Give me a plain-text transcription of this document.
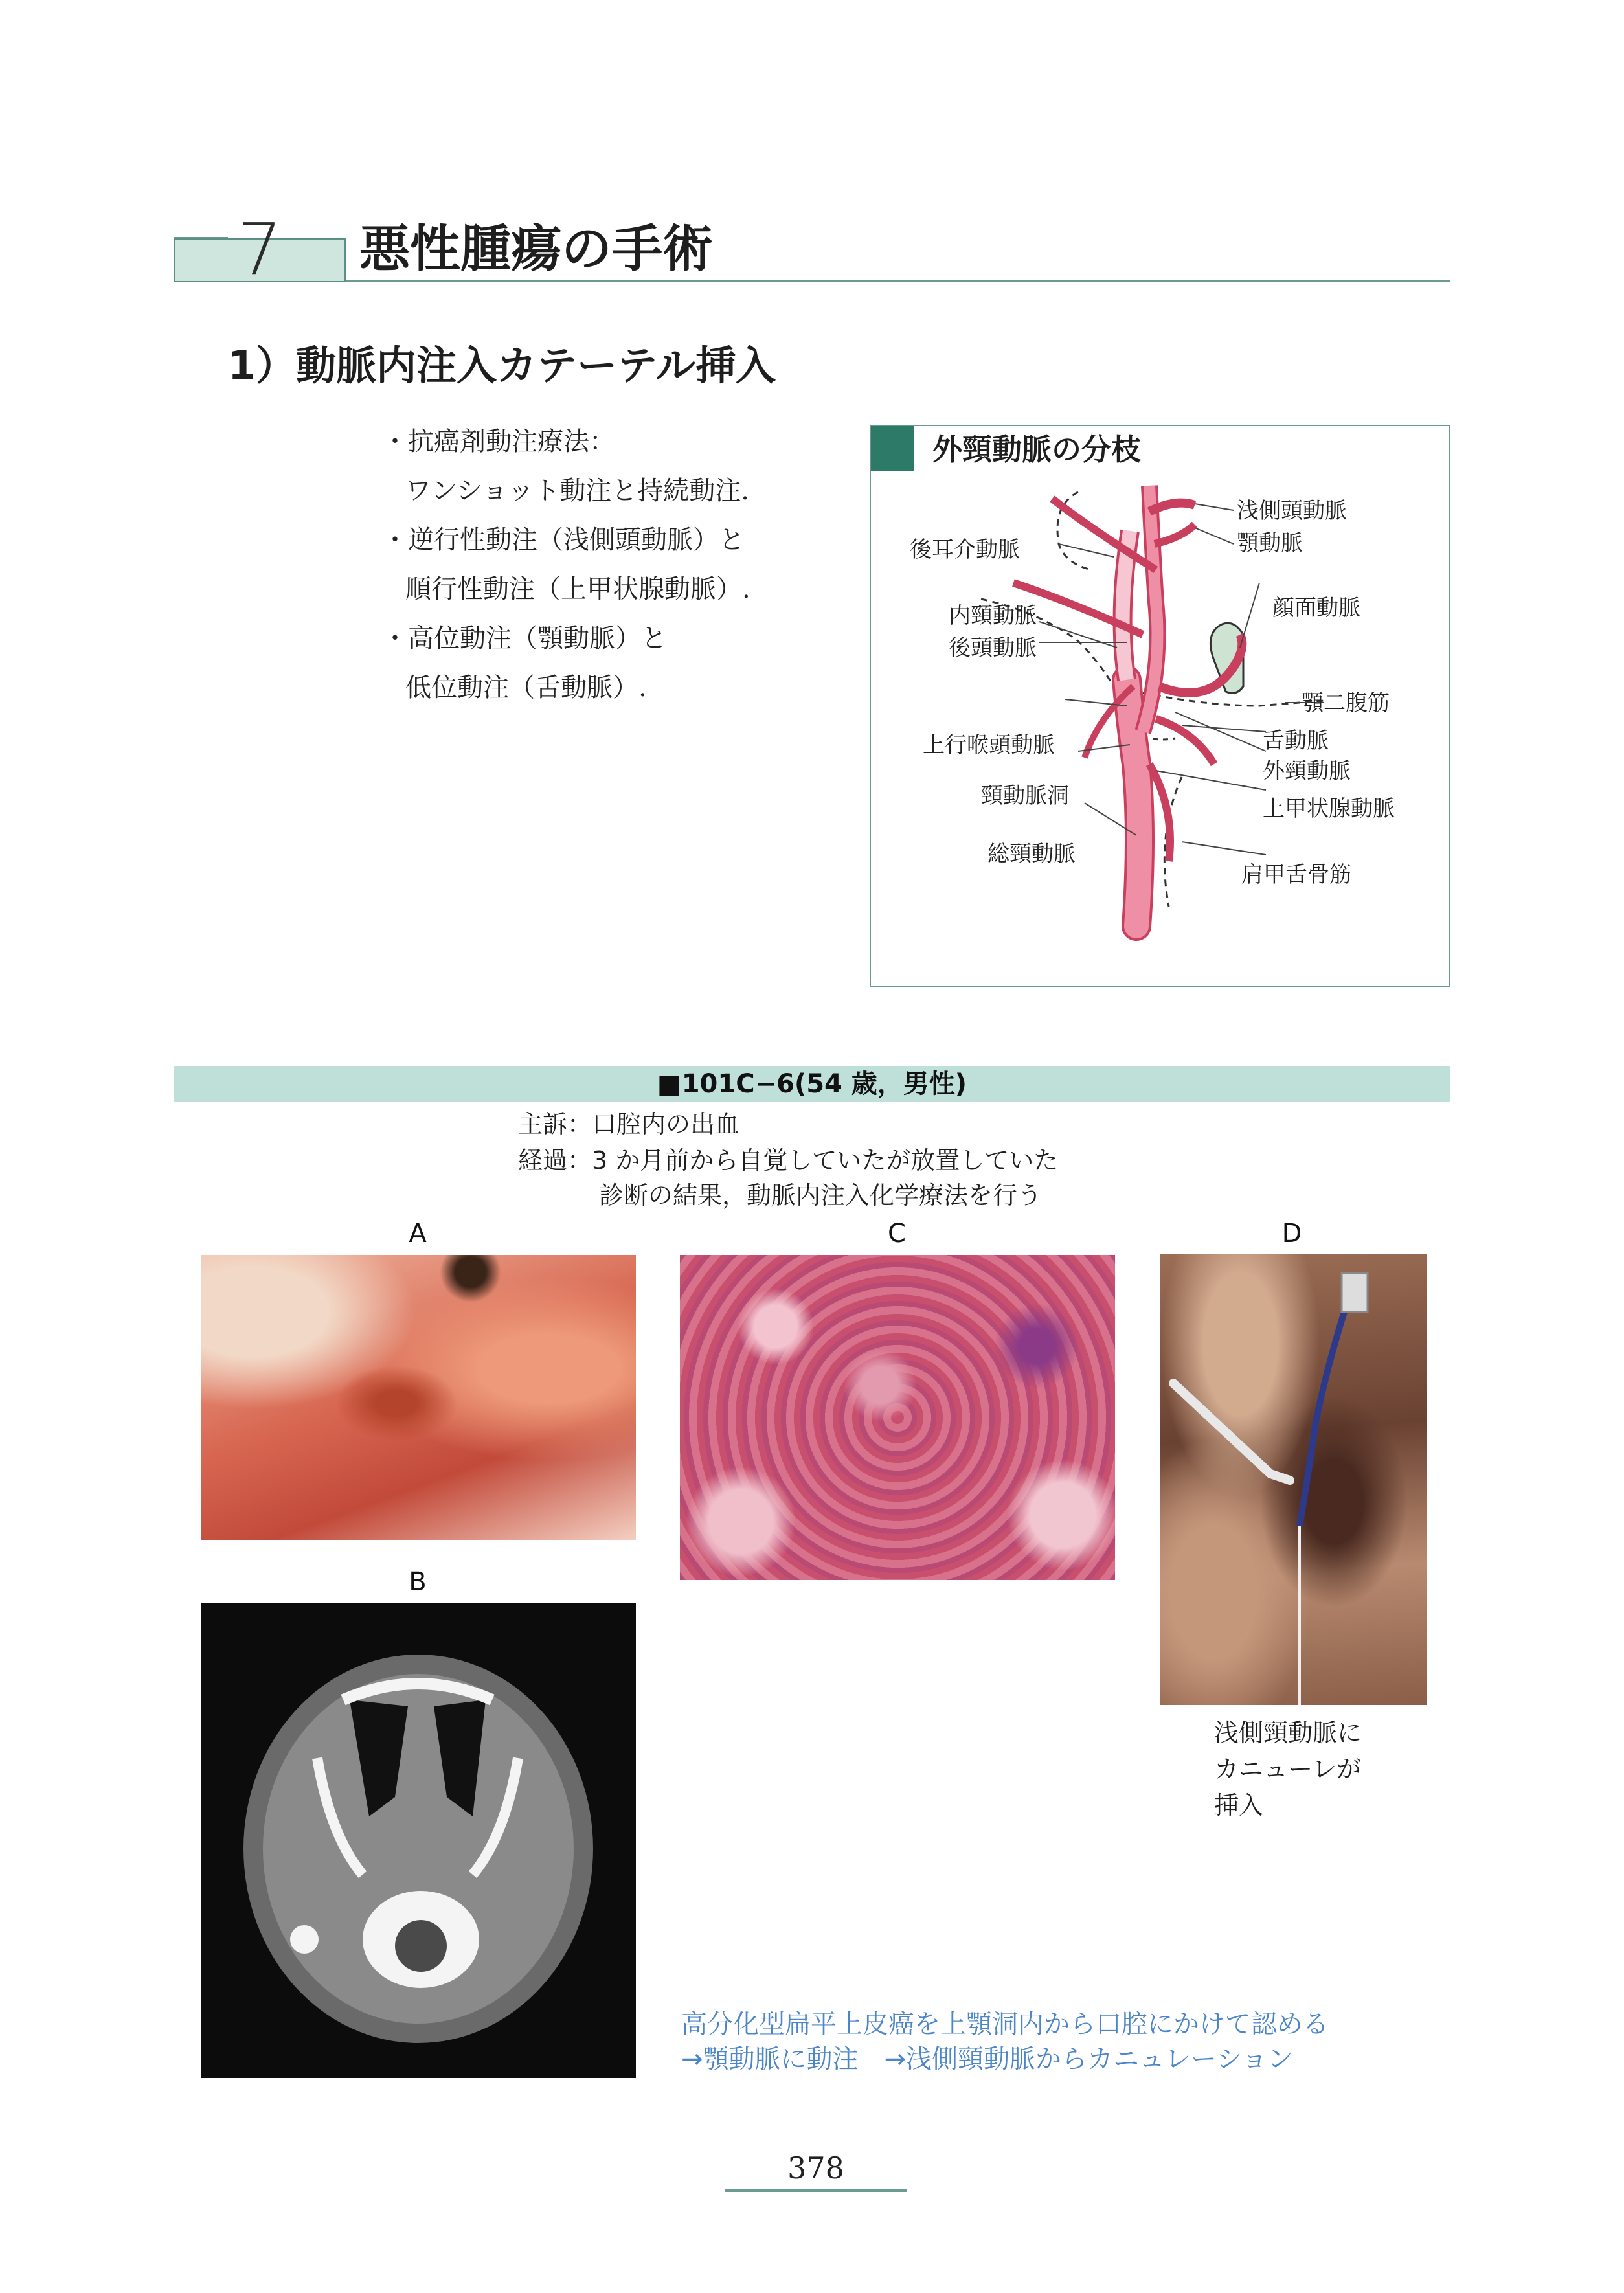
7	悪性腫瘍の手術
1）動脈内注入カテーテル挿入
・抗癌剤動注療法：
ワンショット動注と持続動注.
・逆行性動注（浅側頭動脈）と
順行性動注（上甲状腺動脈）.
・高位動注（顎動脈）と
低位動注（舌動脈）.
外頸動脈の分枝
浅側頭動脈
顎動脈
後耳介動脈
内頸動脈
後頭動脈
顔面動脈
顎二腹筋
上行喉頭動脈	舌動脈
外頸動脈
頸動脈洞	上甲状腺動脈
総頸動脈
肩甲舌骨筋
■101C−6(54 歳，男性)
主訴：口腔内の出血
経過：3 か月前から自覚していたが放置していた
診断の結果，動脈内注入化学療法を行う
A	C	D
B
浅側頸動脈に
カニューレが
挿入
高分化型扁平上皮癌を上顎洞内から口腔にかけて認める
→顎動脈に動注　→浅側頸動脈からカニュレーション
378
